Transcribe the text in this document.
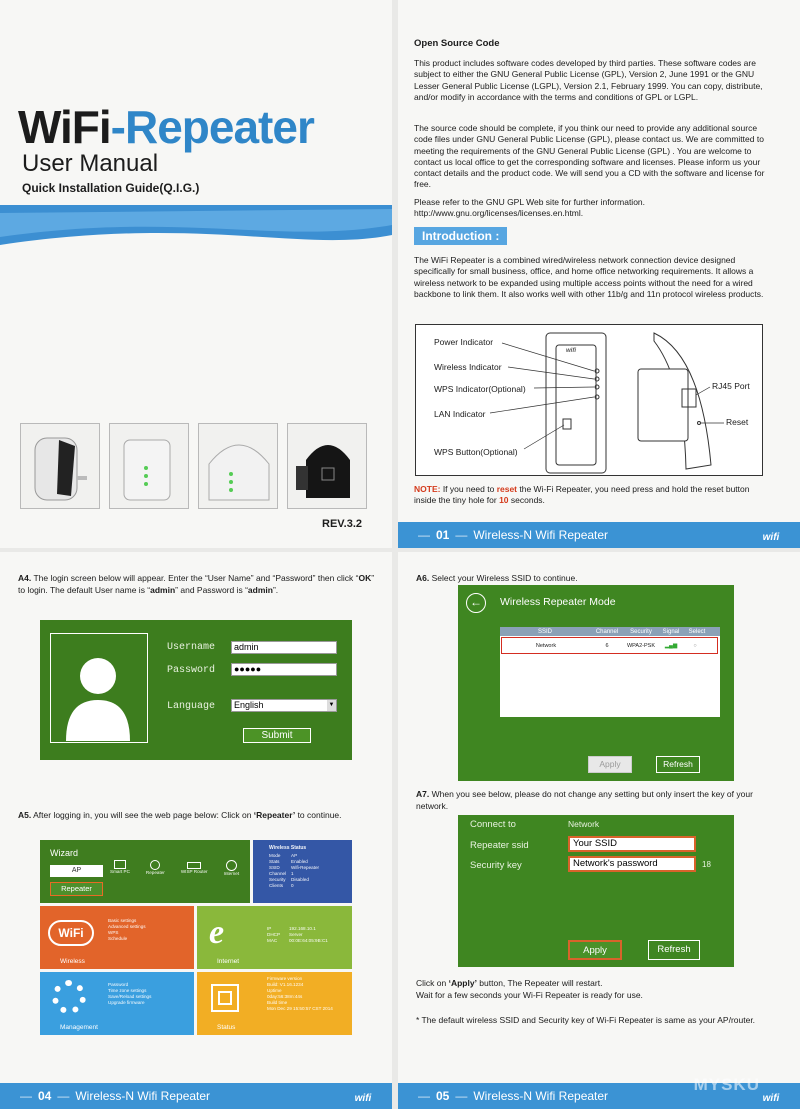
WiFi-Repeater
User Manual
Quick Installation Guide(Q.I.G.)
REV.3.2
Open Source Code
This product includes software codes developed by third parties. These software codes are subject to either the GNU General Public License (GPL), Version 2, June 1991 or the GNU Lesser General Public License (LGPL), Version 2.1, February 1999. You can copy, distribute, and/or modify in accordance with the terms and conditions of GPL or LGPL.
The source code should be complete, if you think our need to provide any additional source code files under GNU General Public License (GPL), please contact us. We are committed to meeting the requirements of the GNU General Public License (GPL) . You are welcome to contact us local office to get the corresponding software and licenses. Please inform us your contact details and the product code. We will send you a CD with the software and license for free.
Please refer to the GNU GPL Web site for further information. http://www.gnu.org/licenses/licenses.en.html.
Introduction :
The WiFi Repeater is a combined wired/wireless network connection device designed specifically for small business, office, and home office networking requirements. It allows a wireless network to be expanded using multiple access points without the need for a wired backbone to link them. It also works well with other 11b/g and 11n protocol wireless products.
wifi
Power Indicator
Wireless Indicator
WPS Indicator(Optional)
LAN Indicator
WPS Button(Optional)
RJ45 Port
Reset
NOTE: If you need to reset the Wi-Fi Repeater, you need press and hold the reset button inside the tiny hole for 10 seconds.
— 01 — Wireless-N Wifi Repeater	wifi
A4. The login screen below will appear. Enter the “User Name” and “Password” then click “OK” to login. The default User name is “admin” and Password is “admin”.
A5. After logging in, you will see the web page below: Click on ‘Repeater’ to continue.
— 04 — Wireless-N Wifi Repeater	wifi
Username	admin
Password	●●●●●
Language	English	▼
Submit
Wizard
AP
Repeater
Smart PC	Repeater	WISP Router	Internet
Wireless Status
Mode AP
Stats	Enabled
SSID Wifi-Repeater
Channel 1
Security Disabled
Clients 0
WiFi
Basic settings
Advanced settings
WPS
Schedule
Wireless
e	IP	192.168.10.1
DHCP Server
MAC	00:0E:64:05:9B:C1
Internet
Password
Time zone settings
Save/Reload settings
Upgrade firmware
Management
Firmware version
Build: V1.16.1234
Uptime
0day:56:38m:44s
Build time
Mon Dec 29 15:50:57 CST 2014
Status
A6. Select your Wireless SSID to continue.
A7. When you see below, please do not change any setting but only insert the key of your network.
Click on ‘Apply’ button, The Repeater will restart.
Wait for a few seconds your Wi-Fi Repeater is ready for use.
* The default wireless SSID and Security key of Wi-Fi Repeater is same as your AP/router.
— 05 — Wireless-N Wifi Repeater	wifi
MYSKU
←	Wireless Repeater Mode
SSID	Channel	Security	Signal	Select
Network	6	WPA2-PSK	▂▄▆	○
Apply	Refresh
Connect to	Network
Repeater ssid	Your SSID
Security key	Network's password	18
Apply	Refresh
